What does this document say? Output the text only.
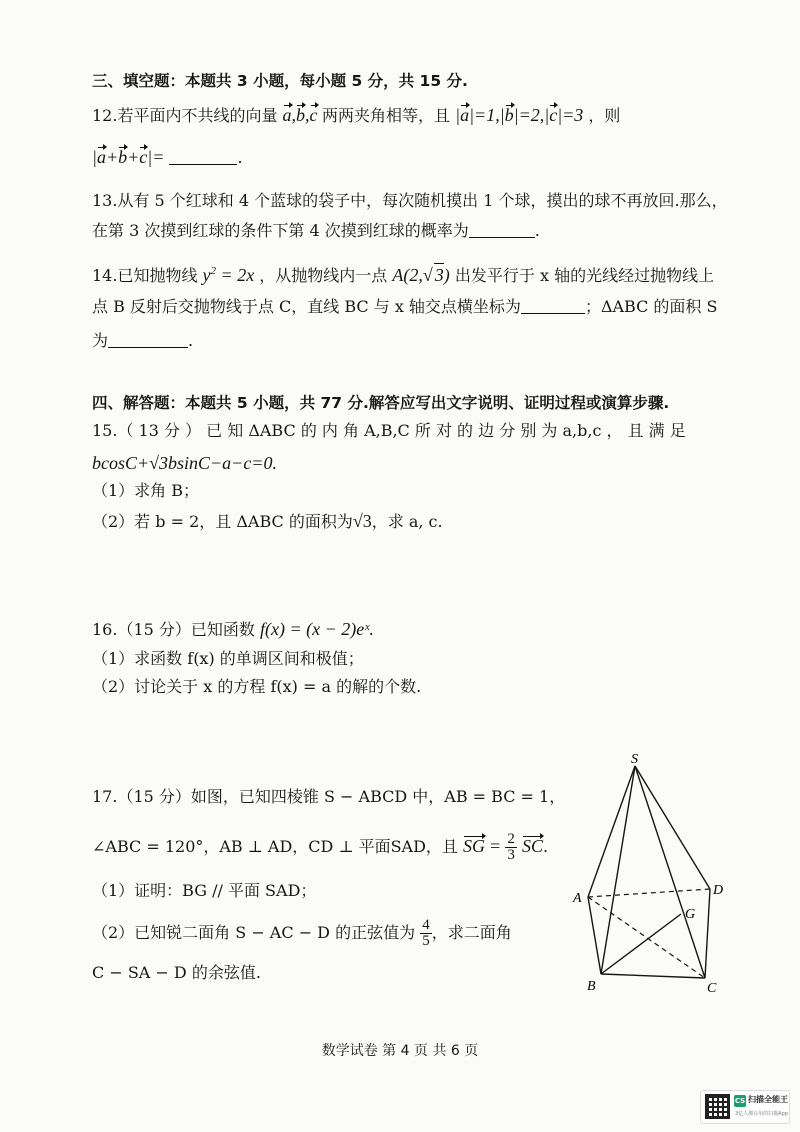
三、填空题：本题共 3 小题，每小题 5 分，共 15 分.
12.若平面内不共线的向量 a,b,c 两两夹角相等，且 |a|=1,|b|=2,|c|=3 ，则
|a+b+c|=	.
13.从有 5 个红球和 4 个蓝球的袋子中，每次随机摸出 1 个球，摸出的球不再放回.那么，
在第 3 次摸到红球的条件下第 4 次摸到红球的概率为	.
14.已知抛物线 $y^2 = 2x$ ，从抛物线内一点 A(2,√ 3) 出发平行于 x 轴的光线经过抛物线上
点 B 反射后交抛物线于点 C，直线 BC 与 x 轴交点横坐标为	；ΔABC 的面积 S
为	.
四、解答题：本题共 5 小题，共 77 分.解答应写出文字说明、证明过程或演算步骤.
15.（ 13 分 ） 已 知 ΔABC 的 内 角 A,B,C 所 对 的 边 分 别 为 a,b,c ， 且 满 足
bcosC+√3bsinC−a−c=0.
（1）求角 B；
（2）若 b = 2，且 ΔABC 的面积为√3，求 a, c.
16.（15 分）已知函数 f(x) = (x − 2)eˣ.
（1）求函数 f(x) 的单调区间和极值；
（2）讨论关于 x 的方程 f(x) = a 的解的个数.
17.（15 分）如图，已知四棱锥 S − ABCD 中，AB = BC = 1，
∠ABC = 120°，AB ⊥ AD，CD ⊥ 平面SAD，且 SG = $\frac{2}{3}$ SC.
（1）证明：BG // 平面 SAD；
（2）已知锐二面角 S − AC − D 的正弦值为 $\frac{4}{5}$ ，求二面角
C − SA − D 的余弦值.
S
A
B	C
D
G
数学试卷 第 4 页 共 6 页
CS 扫描全能王
3亿人都在用的扫描App
